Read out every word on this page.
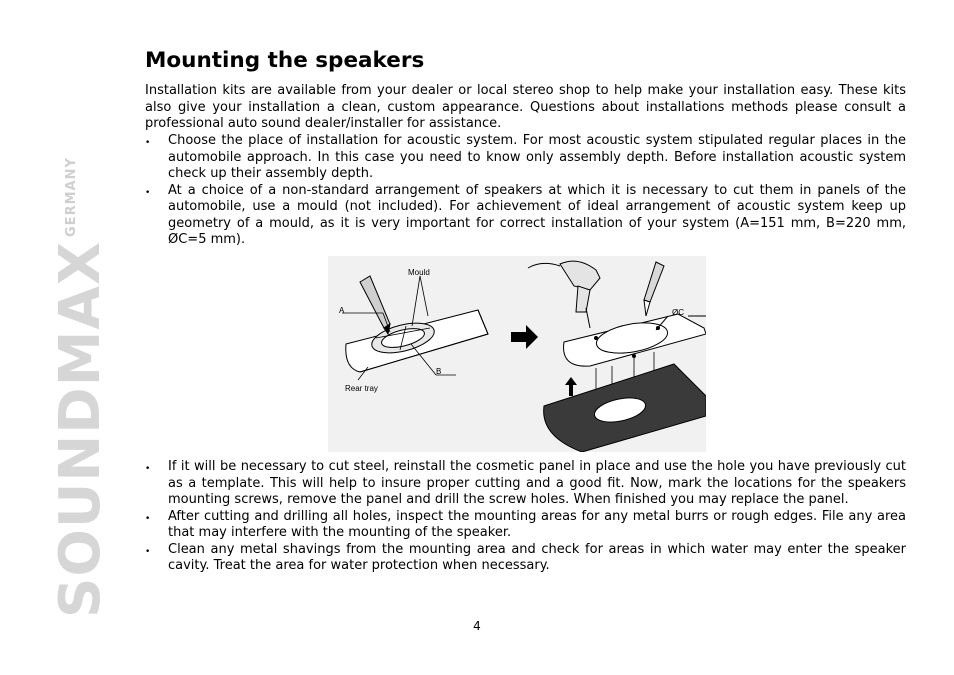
$SOUNDMAX^{GERMANY}$
Mounting the speakers

Installation kits are available from your dealer or local stereo shop to help make your installation easy. These kits also give your installation a clean, custom appearance. Questions about installations methods please consult a professional auto sound dealer/installer for assistance.

• Choose the place of installation for acoustic system. For most acoustic system stipulated regular places in the automobile approach. In this case you need to know only assembly depth. Before installation acoustic system check up their assembly depth.
• At a choice of a non-standard arrangement of speakers at which it is necessary to cut them in panels of the automobile, use a mould (not included). For achievement of ideal arrangement of acoustic system keep up geometry of a mould, as it is very important for correct installation of your system (A=151 mm, B=220 mm, ØC=5 mm).
Mould
A
B
Rear tray
ØC
• If it will be necessary to cut steel, reinstall the cosmetic panel in place and use the hole you have previously cut as a template. This will help to insure proper cutting and a good fit. Now, mark the locations for the speakers mounting screws, remove the panel and drill the screw holes. When finished you may replace the panel.
• After cutting and drilling all holes, inspect the mounting areas for any metal burrs or rough edges. File any area that may interfere with the mounting of the speaker.
• Clean any metal shavings from the mounting area and check for areas in which water may enter the speaker cavity. Treat the area for water protection when necessary.
4
